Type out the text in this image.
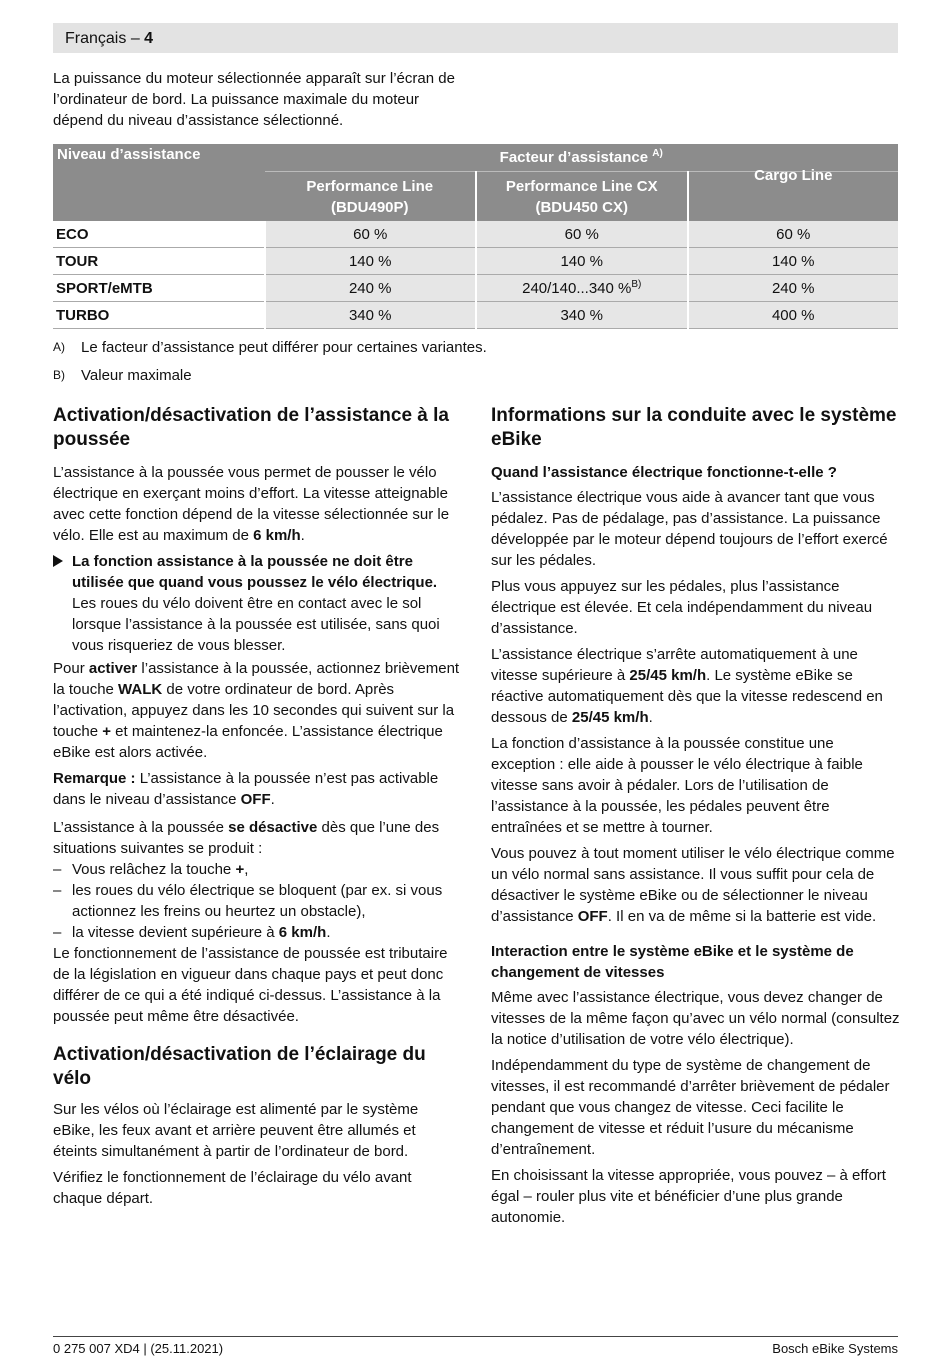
Français – 4
La puissance du moteur sélectionnée apparaît sur l’écran de l’ordinateur de bord. La puissance maximale du moteur dépend du niveau d’assistance sélectionné.
Niveau d’assistance	Facteur d’assistance $^{A)}$
	Performance Line (BDU490P)	Performance Line CX (BDU450 CX)	Cargo Line
ECO	60 %	60 %	60 %
TOUR	140 %	140 %	140 %
SPORT/eMTB	240 %	240/140...340 %$^{B)}$	240 %
TURBO	340 %	340 %	400 %
A) Le facteur d’assistance peut différer pour certaines variantes.
B) Valeur maximale
Activation/désactivation de l’assistance à la poussée

L’assistance à la poussée vous permet de pousser le vélo électrique en exerçant moins d’effort. La vitesse atteignable avec cette fonction dépend de la vitesse sélectionnée sur le vélo. Elle est au maximum de 6 km/h.

La fonction assistance à la poussée ne doit être utilisée que quand vous poussez le vélo électrique. Les roues du vélo doivent être en contact avec le sol lorsque l’assistance à la poussée est utilisée, sans quoi vous risqueriez de vous blesser.

Pour activer l’assistance à la poussée, actionnez brièvement la touche WALK de votre ordinateur de bord. Après l’activation, appuyez dans les 10 secondes qui suivent sur la touche + et maintenez-la enfoncée. L’assistance électrique eBike est alors activée.

Remarque : L’assistance à la poussée n’est pas activable dans le niveau d’assistance OFF.

L’assistance à la poussée se désactive dès que l’une des situations suivantes se produit :

– Vous relâchez la touche +,
– les roues du vélo électrique se bloquent (par ex. si vous actionnez les freins ou heurtez un obstacle),
– la vitesse devient supérieure à 6 km/h.

Le fonctionnement de l’assistance de poussée est tributaire de la législation en vigueur dans chaque pays et peut donc différer de ce qui a été indiqué ci-dessus. L’assistance à la poussée peut même être désactivée.

Activation/désactivation de l’éclairage du vélo

Sur les vélos où l’éclairage est alimenté par le système eBike, les feux avant et arrière peuvent être allumés et éteints simultanément à partir de l’ordinateur de bord.

Vérifiez le fonctionnement de l’éclairage du vélo avant chaque départ.

Informations sur la conduite avec le système eBike
Quand l’assistance électrique fonctionne-t-elle ?

L’assistance électrique vous aide à avancer tant que vous pédalez. Pas de pédalage, pas d’assistance. La puissance développée par le moteur dépend toujours de l’effort exercé sur les pédales.

Plus vous appuyez sur les pédales, plus l’assistance électrique est élevée. Et cela indépendamment du niveau d’assistance.

L’assistance électrique s’arrête automatiquement à une vitesse supérieure à 25/45 km/h. Le système eBike se réactive automatiquement dès que la vitesse redescend en dessous de 25/45 km/h.

La fonction d’assistance à la poussée constitue une exception : elle aide à pousser le vélo électrique à faible vitesse sans avoir à pédaler. Lors de l’utilisation de l’assistance à la poussée, les pédales peuvent être entraînées et se mettre à tourner.

Vous pouvez à tout moment utiliser le vélo électrique comme un vélo normal sans assistance. Il vous suffit pour cela de désactiver le système eBike ou de sélectionner le niveau d’assistance OFF. Il en va de même si la batterie est vide.

Interaction entre le système eBike et le système de changement de vitesses

Même avec l’assistance électrique, vous devez changer de vitesses de la même façon qu’avec un vélo normal (consultez la notice d’utilisation de votre vélo électrique).

Indépendamment du type de système de changement de vitesses, il est recommandé d’arrêter brièvement de pédaler pendant que vous changez de vitesse. Ceci facilite le changement de vitesse et réduit l’usure du mécanisme d’entraînement.

En choisissant la vitesse appropriée, vous pouvez – à effort égal – rouler plus vite et bénéficier d’une plus grande autonomie.

0 275 007 XD4 | (25.11.2021)	Bosch eBike Systems
